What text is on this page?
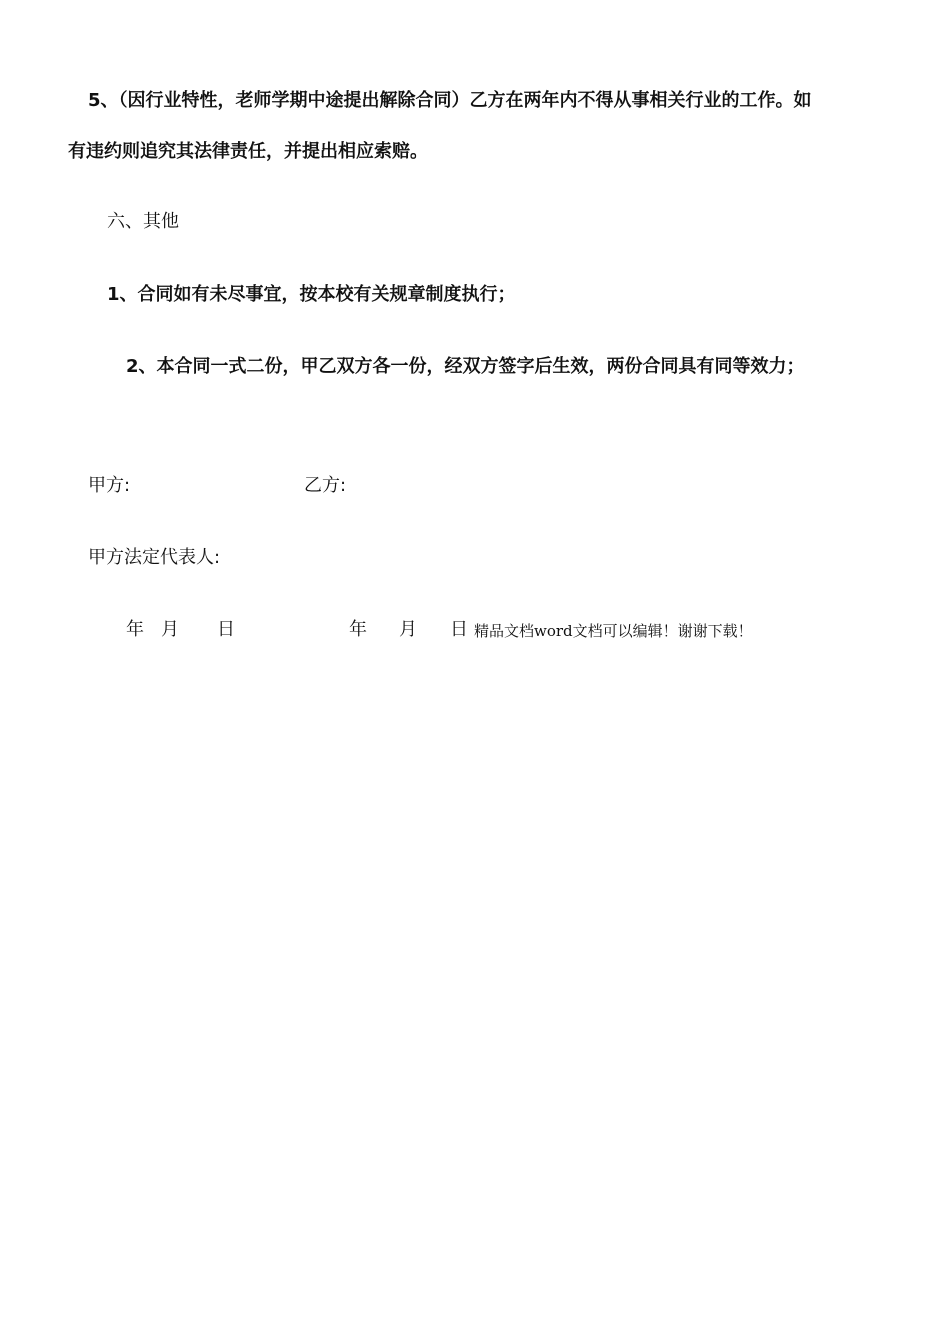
5、（因行业特性，老师学期中途提出解除合同）乙方在两年内不得从事相关行业的工作。如
有违约则追究其法律责任，并提出相应索赔。
六、其他
1、合同如有未尽事宜，按本校有关规章制度执行；
2、本合同一式二份，甲乙双方各一份，经双方签字后生效，两份合同具有同等效力；
甲方:	乙方:
甲方法定代表人:
年 月 日	年 月 日 精品文档word文档可以编辑！谢谢下载！
